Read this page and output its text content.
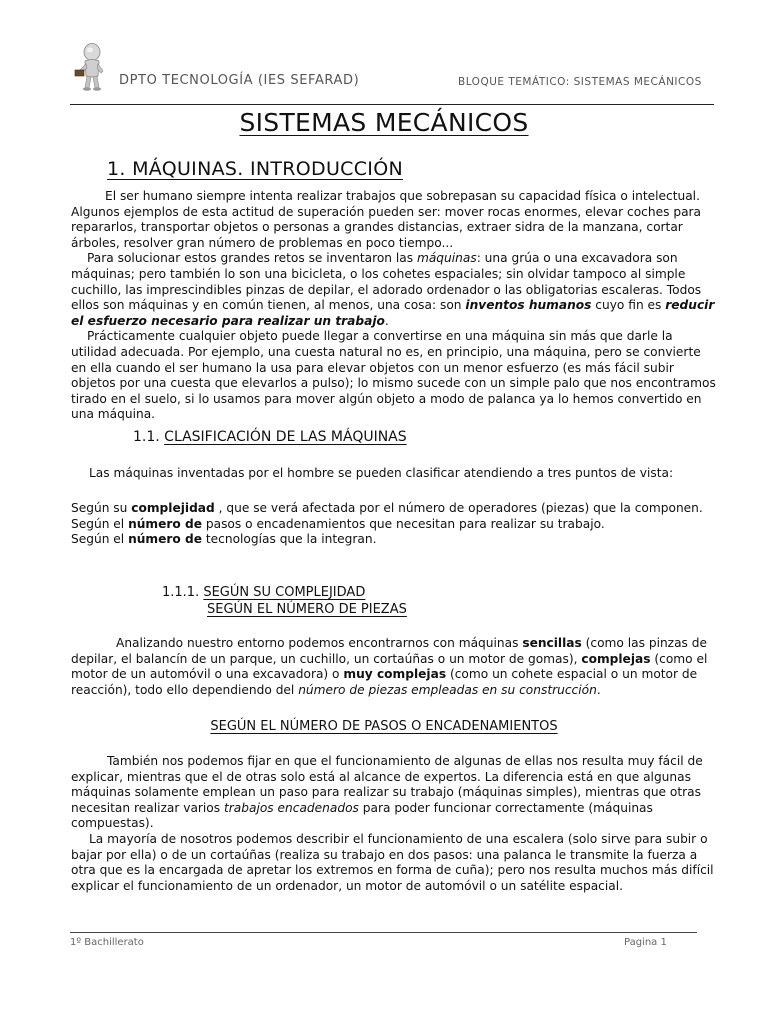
DPTO TECNOLOGÍA (IES SEFARAD)	BLOQUE TEMÁTICO: SISTEMAS MECÁNICOS
SISTEMAS MECÁNICOS
1. MÁQUINAS. INTRODUCCIÓN

El ser humano siempre intenta realizar trabajos que sobrepasan su capacidad física o intelectual. Algunos ejemplos de esta actitud de superación pueden ser: mover rocas enormes, elevar coches para repararlos, transportar objetos o personas a grandes distancias, extraer sidra de la manzana, cortar árboles, resolver gran número de problemas en poco tiempo...

Para solucionar estos grandes retos se inventaron las máquinas: una grúa o una excavadora son máquinas; pero también lo son una bicicleta, o los cohetes espaciales; sin olvidar tampoco al simple cuchillo, las imprescindibles pinzas de depilar, el adorado ordenador o las obligatorias escaleras. Todos ellos son máquinas y en común tienen, al menos, una cosa: son inventos humanos cuyo fin es reducir el esfuerzo necesario para realizar un trabajo.

Prácticamente cualquier objeto puede llegar a convertirse en una máquina sin más que darle la utilidad adecuada. Por ejemplo, una cuesta natural no es, en principio, una máquina, pero se convierte en ella cuando el ser humano la usa para elevar objetos con un menor esfuerzo (es más fácil subir objetos por una cuesta que elevarlos a pulso); lo mismo sucede con un simple palo que nos encontramos tirado en el suelo, si lo usamos para mover algún objeto a modo de palanca ya lo hemos convertido en una máquina.

1.1. CLASIFICACIÓN DE LAS MÁQUINAS

Las máquinas inventadas por el hombre se pueden clasificar atendiendo a tres puntos de vista:

Según su complejidad , que se verá afectada por el número de operadores (piezas) que la componen.

Según el número de pasos o encadenamientos que necesitan para realizar su trabajo.

Según el número de tecnologías que la integran.

1.1.1. SEGÚN SU COMPLEJIDAD
SEGÚN EL NÚMERO DE PIEZAS

Analizando nuestro entorno podemos encontrarnos con máquinas sencillas (como las pinzas de depilar, el balancín de un parque, un cuchillo, un cortaúñas o un motor de gomas), complejas (como el motor de un automóvil o una excavadora) o muy complejas (como un cohete espacial o un motor de reacción), todo ello dependiendo del número de piezas empleadas en su construcción.

SEGÚN EL NÚMERO DE PASOS O ENCADENAMIENTOS

También nos podemos fijar en que el funcionamiento de algunas de ellas nos resulta muy fácil de explicar, mientras que el de otras solo está al alcance de expertos. La diferencia está en que algunas máquinas solamente emplean un paso para realizar su trabajo (máquinas simples), mientras que otras necesitan realizar varios trabajos encadenados para poder funcionar correctamente (máquinas compuestas).

La mayoría de nosotros podemos describir el funcionamiento de una escalera (solo sirve para subir o bajar por ella) o de un cortaúñas (realiza su trabajo en dos pasos: una palanca le transmite la fuerza a otra que es la encargada de apretar los extremos en forma de cuña); pero nos resulta muchos más difícil explicar el funcionamiento de un ordenador, un motor de automóvil o un satélite espacial.

1º Bachillerato	Pagina 1
